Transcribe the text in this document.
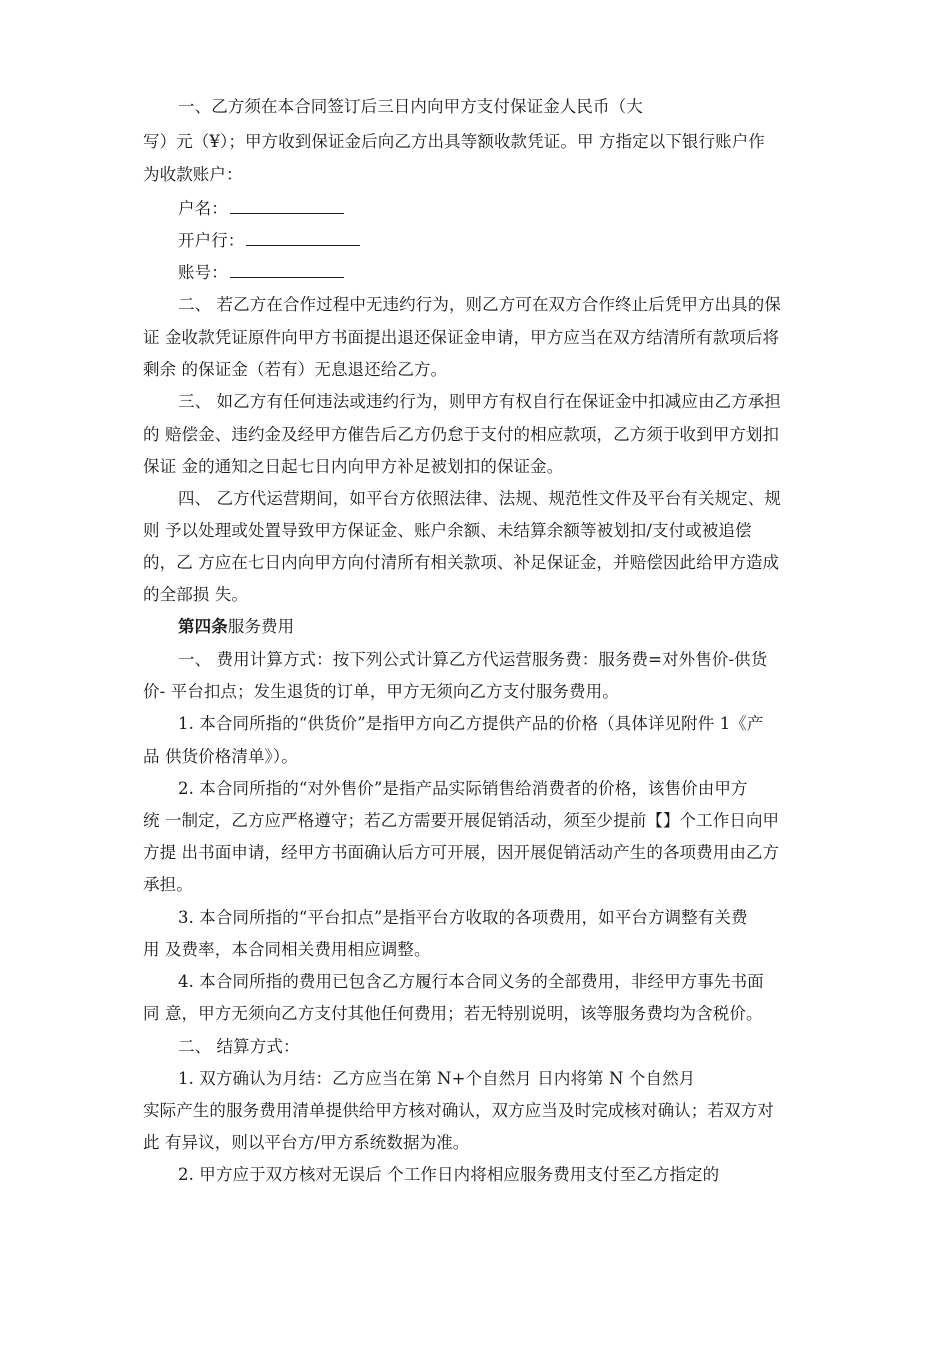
一、乙方须在本合同签订后三日内向甲方支付保证金人民币（大
写）元（¥）；甲方收到保证金后向乙方出具等额收款凭证。甲 方指定以下银行账户作
为收款账户：
户名：
开户行：
账号：
二、 若乙方在合作过程中无违约行为，则乙方可在双方合作终止后凭甲方出具的保
证 金收款凭证原件向甲方书面提出退还保证金申请，甲方应当在双方结清所有款项后将
剩余 的保证金（若有）无息退还给乙方。
三、 如乙方有任何违法或违约行为，则甲方有权自行在保证金中扣减应由乙方承担
的 赔偿金、违约金及经甲方催告后乙方仍怠于支付的相应款项，乙方须于收到甲方划扣
保证 金的通知之日起七日内向甲方补足被划扣的保证金。
四、 乙方代运营期间，如平台方依照法律、法规、规范性文件及平台有关规定、规
则 予以处理或处置导致甲方保证金、账户余额、未结算余额等被划扣/支付或被追偿
的，乙 方应在七日内向甲方向付清所有相关款项、补足保证金，并赔偿因此给甲方造成
的全部损 失。
第四条服务费用
一、 费用计算方式：按下列公式计算乙方代运营服务费：服务费=对外售价-供货
价- 平台扣点；发生退货的订单，甲方无须向乙方支付服务费用。
1. 本合同所指的“供货价”是指甲方向乙方提供产品的价格（具体详见附件 1《产
品 供货价格清单》）。
2. 本合同所指的“对外售价”是指产品实际销售给消费者的价格，该售价由甲方
统 一制定，乙方应严格遵守；若乙方需要开展促销活动，须至少提前【】个工作日向甲
方提 出书面申请，经甲方书面确认后方可开展，因开展促销活动产生的各项费用由乙方
承担。
3. 本合同所指的“平台扣点”是指平台方收取的各项费用，如平台方调整有关费
用 及费率，本合同相关费用相应调整。
4. 本合同所指的费用已包含乙方履行本合同义务的全部费用，非经甲方事先书面
同 意，甲方无须向乙方支付其他任何费用；若无特别说明，该等服务费均为含税价。
二、 结算方式：
1. 双方确认为月结：乙方应当在第 N+个自然月 日内将第 N 个自然月
实际产生的服务费用清单提供给甲方核对确认，双方应当及时完成核对确认；若双方对
此 有异议，则以平台方/甲方系统数据为准。
2. 甲方应于双方核对无误后 个工作日内将相应服务费用支付至乙方指定的
